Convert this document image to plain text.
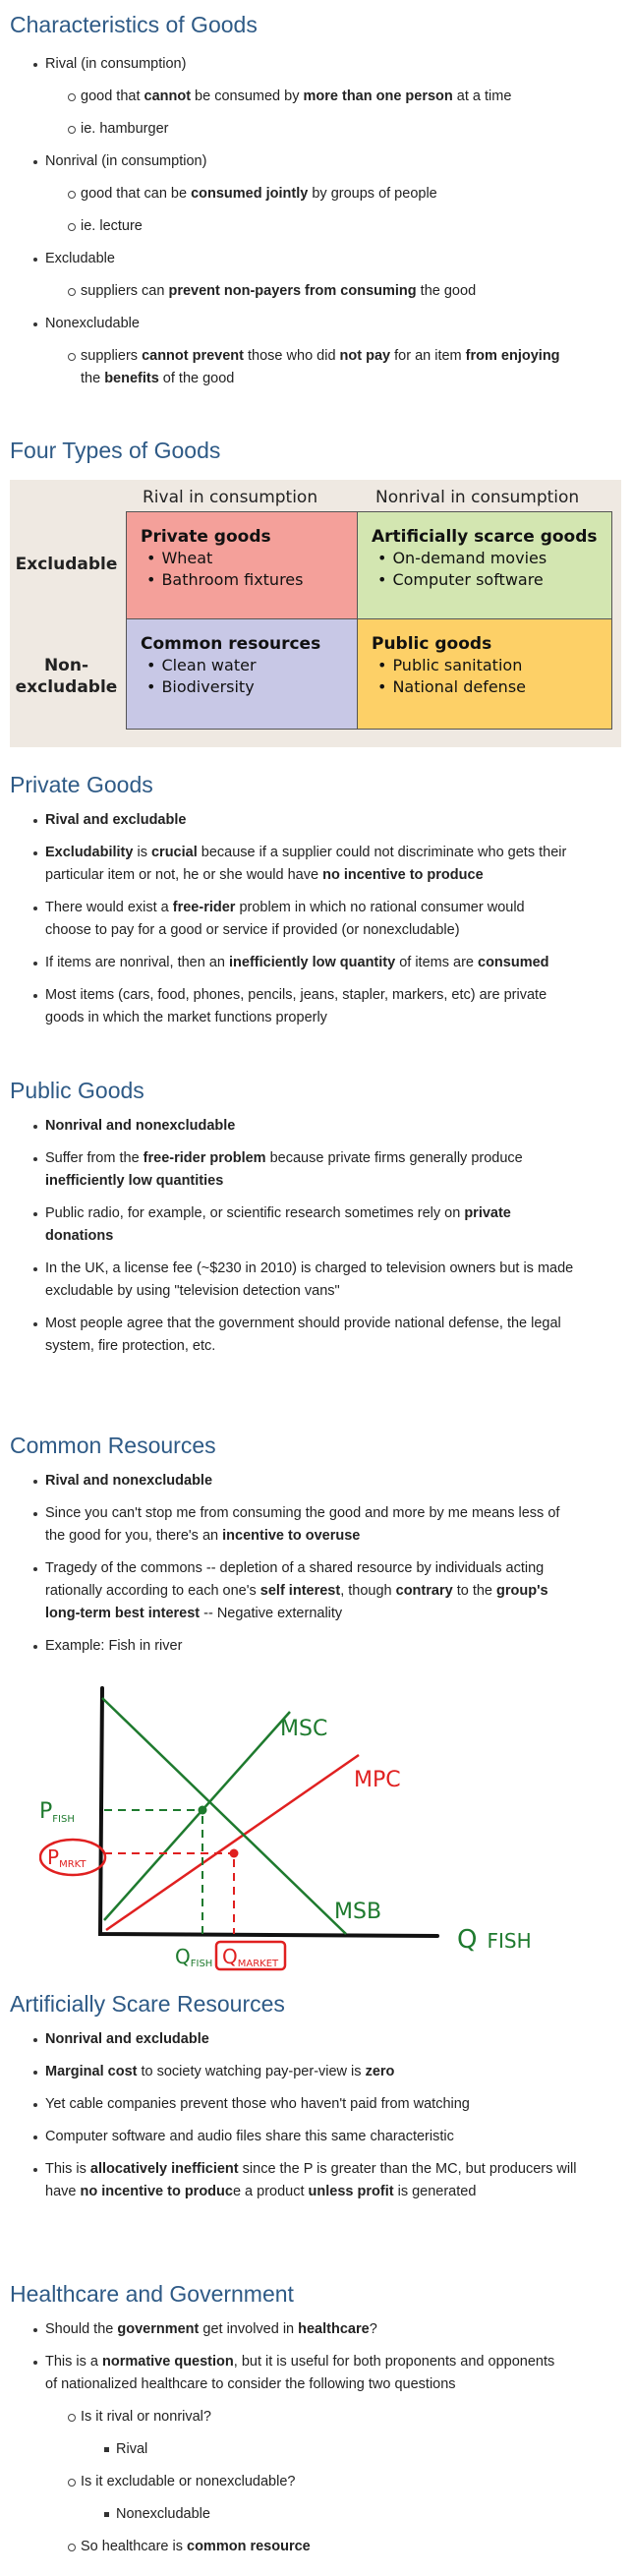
Characteristics of Goods
Rival (in consumption)
good that cannot be consumed by more than one person at a time
ie. hamburger
Nonrival (in consumption)
good that can be consumed jointly by groups of people
ie. lecture
Excludable
suppliers can prevent non-payers from consuming the good
Nonexcludable
suppliers cannot prevent those who did not pay for an item from enjoying
the benefits of the good
Four Types of Goods
Rival in consumption	Nonrival in consumption
Excludable
Non-
excludable
Private goods
• Wheat
• Bathroom fixtures
Artificially scarce goods
• On-demand movies
• Computer software
Common resources
• Clean water
• Biodiversity
Public goods
• Public sanitation
• National defense
Private Goods
Rival and excludable
Excludability is crucial because if a supplier could not discriminate who gets their
particular item or not, he or she would have no incentive to produce
There would exist a free-rider problem in which no rational consumer would
choose to pay for a good or service if provided (or nonexcludable)
If items are nonrival, then an inefficiently low quantity of items are consumed
Most items (cars, food, phones, pencils, jeans, stapler, markers, etc) are private
goods in which the market functions properly
Public Goods
Nonrival and nonexcludable
Suffer from the free-rider problem because private firms generally produce
inefficiently low quantities
Public radio, for example, or scientific research sometimes rely on private
donations
In the UK, a license fee (~$230 in 2010) is charged to television owners but is made
excludable by using "television detection vans"
Most people agree that the government should provide national defense, the legal
system, fire protection, etc.
Common Resources
Rival and nonexcludable
Since you can't stop me from consuming the good and more by me means less of
the good for you, there's an incentive to overuse
Tragedy of the commons -- depletion of a shared resource by individuals acting
rationally according to each one's self interest, though contrary to the group's
long-term best interest -- Negative externality
Example: Fish in river
MSC
MPC
MSB
PFISH
PMRKT
QFISH QMARKET
Q FISH
Artificially Scare Resources
Nonrival and excludable
Marginal cost to society watching pay-per-view is zero
Yet cable companies prevent those who haven't paid from watching
Computer software and audio files share this same characteristic
This is allocatively inefficient since the P is greater than the MC, but producers will
have no incentive to produce a product unless profit is generated
Healthcare and Government
Should the government get involved in healthcare?
This is a normative question, but it is useful for both proponents and opponents
of nationalized healthcare to consider the following two questions
Is it rival or nonrival?
Rival
Is it excludable or nonexcludable?
Nonexcludable
So healthcare is common resource
